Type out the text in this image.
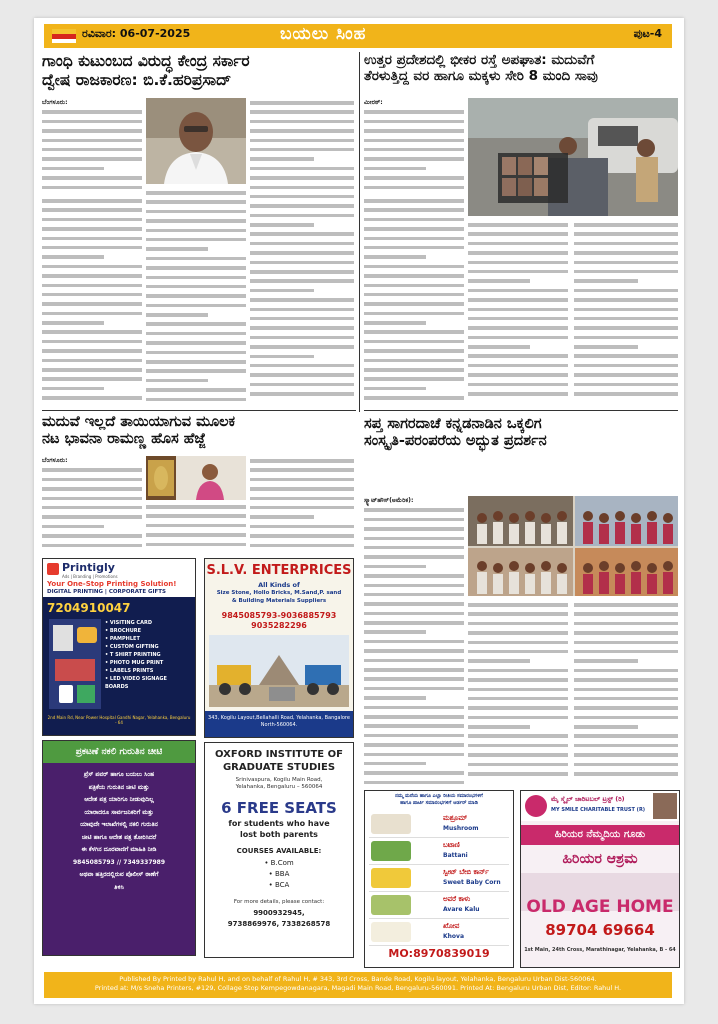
ರವಿವಾರ: 06-07-2025	ಬಯಲು ಸಿಂಹ	ಪುಟ-4
ಗಾಂಧಿ ಕುಟುಂಬದ ವಿರುದ್ಧ ಕೇಂದ್ರ ಸರ್ಕಾರ
ದ್ವೇಷ ರಾಜಕಾರಣ: ಬಿ.ಕೆ.ಹರಿಪ್ರಸಾದ್
ಉತ್ತರ ಪ್ರದೇಶದಲ್ಲಿ ಭೀಕರ ರಸ್ತೆ ಅಪಘಾತ: ಮದುವೆಗೆ
ತೆರಳುತ್ತಿದ್ದ ವರ ಹಾಗೂ ಮಕ್ಕಳು ಸೇರಿ 8 ಮಂದಿ ಸಾವು
ಬೆಂಗಳೂರು:	ಮೀರಠ್:
ಮದುವೆ ಇಲ್ಲದೆ ತಾಯಿಯಾಗುವ ಮೂಲಕ
ನಟ ಭಾವನಾ ರಾಮಣ್ಣ ಹೊಸ ಹೆಜ್ಜೆ
ಬೆಂಗಳೂರು:
ಸಪ್ತ ಸಾಗರದಾಚೆ ಕನ್ನಡನಾಡಿನ ಒಕ್ಕಲಿಗ
ಸಂಸ್ಕೃತಿ-ಪರಂಪರೆಯ ಅದ್ಭುತ ಪ್ರದರ್ಶನ
ಸ್ಕ್ಯಾಟ್‌ಹೌಸ್(ಅಮೆರಿಕ):
Printigly
Ads | Branding | Promotions
Your One-Stop Printing Solution!
DIGITAL PRINTING | CORPORATE GIFTS
7204910047
• VISITING CARD
• BROCHURE
• PAMPHLET
• CUSTOM GIFTING
• T SHIRT PRINTING
• PHOTO MUG PRINT
• LABELS PRINTS
• LED VIDEO SIGNAGE BOARDS
2nd Main Rd, Near Power Hospital Gandhi Nagar, Yelahanka, Bengaluru - 64
S.L.V. ENTERPRICES
All Kinds of
Size Stone, Hollo Bricks, M.Sand,P. sand
& Building Materials Suppliers
9845085793-9036885793
9035282296
343, Kogilu Layout,Bellahalli Road, Yelahanka, Bangalore North-560064.
ಪ್ರಕಟಣೆ ನಕಲಿ ಗುರುತಿನ ಚೀಟಿ
ಪ್ರೆಸ್ ಪವರ್ ಹಾಗೂ ಬಯಲು ಸಿಂಹ
ಪತ್ರಿಕೆಯ ಗುರುತಿನ ಚೀಟಿ ಮತ್ತು
ಆದೇಶ ಪತ್ರ ಯಾರಿಗೂ ನೀಡುವುದಿಲ್ಲ
ಯಾರಾದರೂ ಸಾರ್ವಜನಿಕರಿಗೆ ಮತ್ತು
ಯಾವುದೇ ಇಲಾಖೆಗಳಲ್ಲಿ ನಕಲಿ ಗುರುತಿನ
ಚೀಟಿ ಹಾಗೂ ಆದೇಶ ಪತ್ರ ತೋರಿಸಿದರೆ
ಈ ಕೆಳಗಿನ ದೂರವಾಣಿಗೆ ಮಾಹಿತಿ ನೀಡಿ
9845085793 // 7349337989
ಅಥವಾ ಹತ್ತಿರದಲ್ಲಿರುವ ಪೊಲೀಸ್ ಠಾಣೆಗೆ
ತಿಳಿಸಿ
OXFORD INSTITUTE OF
GRADUATE STUDIES
Srinivaspura, Kogilu Main Road,
Yelahanka, Bengaluru – 560064
6 FREE SEATS
for students who have
lost both parents
COURSES AVAILABLE:
• B.Com
• BBA
• BCA
For more details, please contact:
9900932945,
9738869976, 7338268578
ನಮ್ಮ ಮನೆಯ ಹಾಗೂ ಎಲ್ಲಾ ರೀತಿಯ ಸಮಾರಂಭಗಳಿಗೆ
ಹಾಗೂ ಪಾರ್ಟಿ ಸಮಾರಂಭಗಳಿಗೆ ಆರ್ಡರ್ ಮಾಡಿ
ಮಶ್ರೂಮ್
Mushroom
ಬಟಾಣಿ
Battani
ಸ್ವೀಟ್ ಬೇಬಿ ಕಾರ್ನ್
Sweet Baby Corn
ಅವರೆ ಕಾಳು
Avare Kalu
ಖೋವ
Khova
MO:8970839019
ಮೈ ಸ್ಮೈಲ್ ಚಾರಿಟಬಲ್ ಟ್ರಸ್ಟ್ (ರಿ)
MY SMILE CHARITABLE TRUST (R)
ಹಿರಿಯರ ನೆಮ್ಮದಿಯ ಗೂಡು
ಹಿರಿಯರ ಆಶ್ರಮ
OLD AGE HOME
89704 69664
1st Main, 24th Cross, Marathinagar, Yelahanka, B - 64
Published By Printed by Rahul H, and on behalf of Rahul H, # 343, 3rd Cross, Bande Road, Kogilu layout, Yelahanka, Bengaluru Urban Dist-560064.
Printed at: M/s Sneha Printers, #129, Collage Stop Kempegowdanagara, Magadi Main Road, Bengaluru-560091. Printed At: Bengaluru Urban Dist, Editor: Rahul H.
